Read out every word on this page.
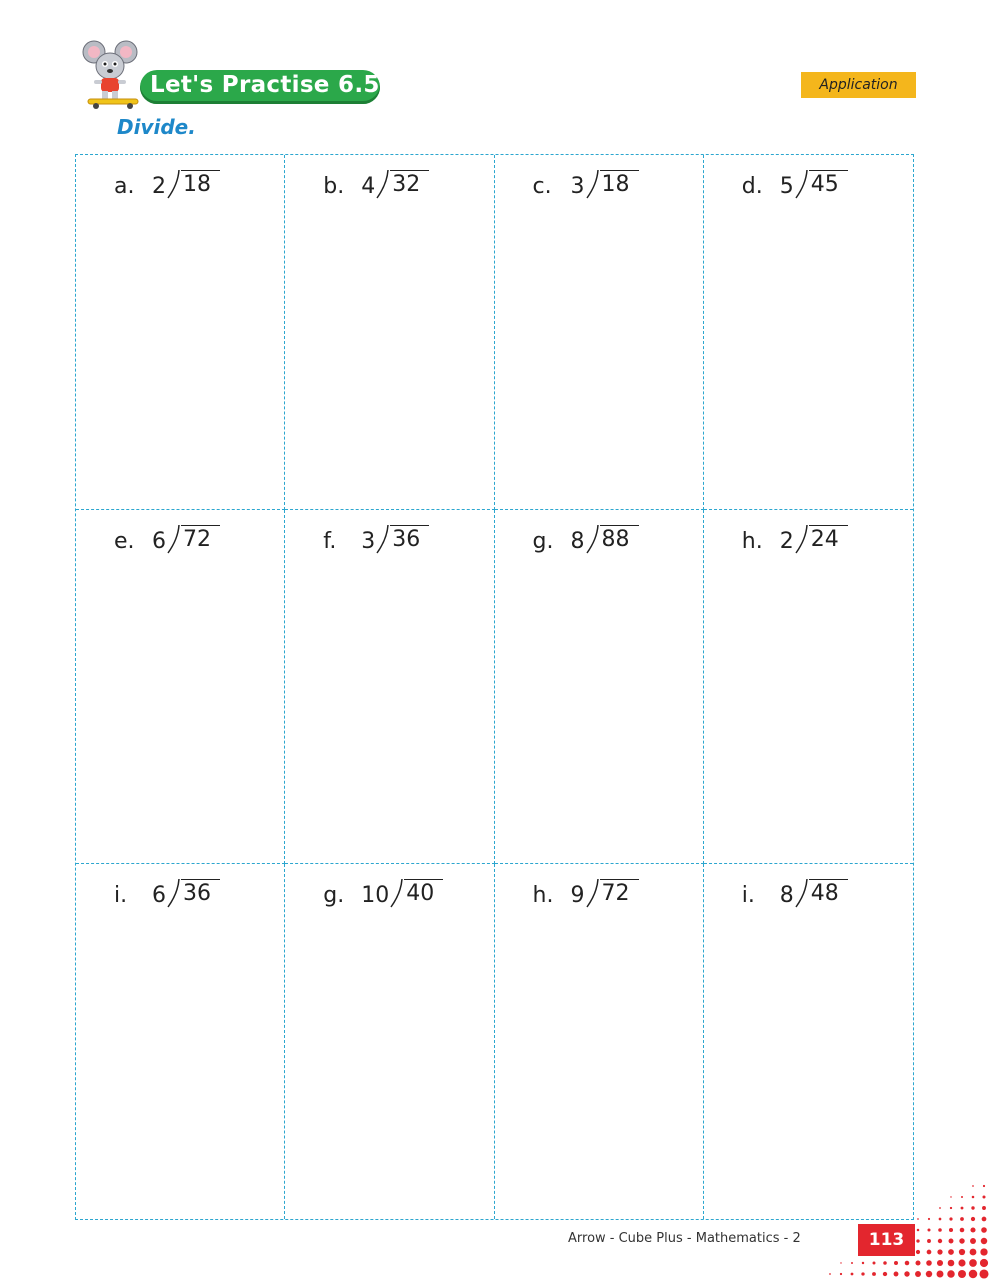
Let's Practise 6.5	Application
Divide.
a. 2 18	b. 4 32	c. 3 18	d. 5 45
e. 6 72	f.	3 36	g. 8 88	h. 2 24
i.	6 36	g. 10 40	h. 9 72	i.	8 48
Arrow - Cube Plus - Mathematics - 2	113
